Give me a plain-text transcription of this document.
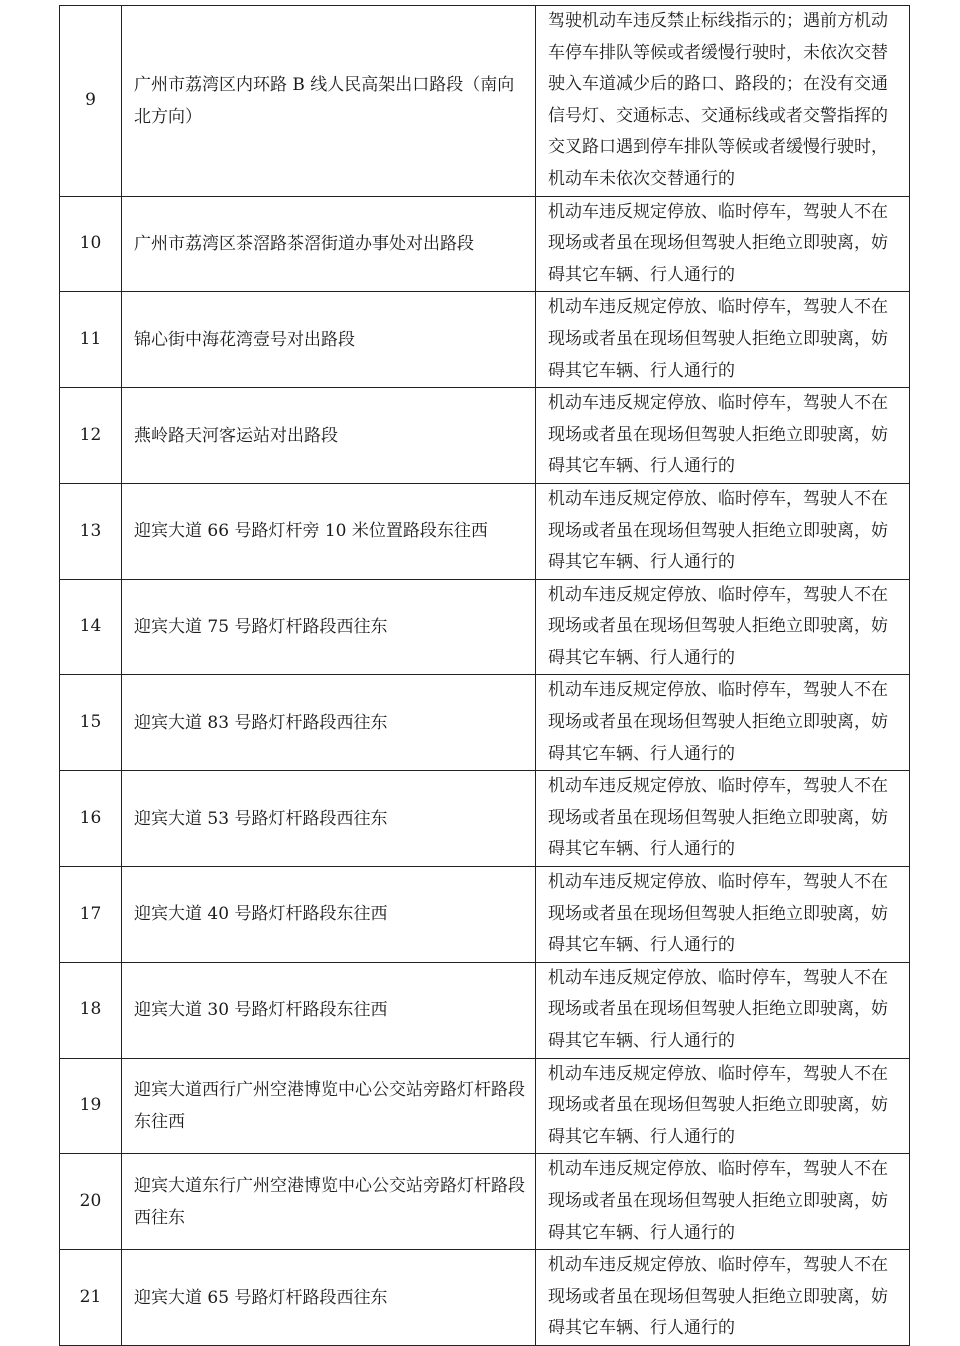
9	广州市荔湾区内环路 B 线人民高架出口路段（南向北方向）	驾驶机动车违反禁止标线指示的；遇前方机动车停车排队等候或者缓慢行驶时，未依次交替驶入车道减少后的路口、路段的；在没有交通信号灯、交通标志、交通标线或者交警指挥的交叉路口遇到停车排队等候或者缓慢行驶时，机动车未依次交替通行的
10	广州市荔湾区茶滘路茶滘街道办事处对出路段	机动车违反规定停放、临时停车，驾驶人不在现场或者虽在现场但驾驶人拒绝立即驶离，妨碍其它车辆、行人通行的
11	锦心街中海花湾壹号对出路段	机动车违反规定停放、临时停车，驾驶人不在现场或者虽在现场但驾驶人拒绝立即驶离，妨碍其它车辆、行人通行的
12	燕岭路天河客运站对出路段	机动车违反规定停放、临时停车，驾驶人不在现场或者虽在现场但驾驶人拒绝立即驶离，妨碍其它车辆、行人通行的
13	迎宾大道 66 号路灯杆旁 10 米位置路段东往西	机动车违反规定停放、临时停车，驾驶人不在现场或者虽在现场但驾驶人拒绝立即驶离，妨碍其它车辆、行人通行的
14	迎宾大道 75 号路灯杆路段西往东	机动车违反规定停放、临时停车，驾驶人不在现场或者虽在现场但驾驶人拒绝立即驶离，妨碍其它车辆、行人通行的
15	迎宾大道 83 号路灯杆路段西往东	机动车违反规定停放、临时停车，驾驶人不在现场或者虽在现场但驾驶人拒绝立即驶离，妨碍其它车辆、行人通行的
16	迎宾大道 53 号路灯杆路段西往东	机动车违反规定停放、临时停车，驾驶人不在现场或者虽在现场但驾驶人拒绝立即驶离，妨碍其它车辆、行人通行的
17	迎宾大道 40 号路灯杆路段东往西	机动车违反规定停放、临时停车，驾驶人不在现场或者虽在现场但驾驶人拒绝立即驶离，妨碍其它车辆、行人通行的
18	迎宾大道 30 号路灯杆路段东往西	机动车违反规定停放、临时停车，驾驶人不在现场或者虽在现场但驾驶人拒绝立即驶离，妨碍其它车辆、行人通行的
19	迎宾大道西行广州空港博览中心公交站旁路灯杆路段东往西	机动车违反规定停放、临时停车，驾驶人不在现场或者虽在现场但驾驶人拒绝立即驶离，妨碍其它车辆、行人通行的
20	迎宾大道东行广州空港博览中心公交站旁路灯杆路段西往东	机动车违反规定停放、临时停车，驾驶人不在现场或者虽在现场但驾驶人拒绝立即驶离，妨碍其它车辆、行人通行的
21	迎宾大道 65 号路灯杆路段西往东	机动车违反规定停放、临时停车，驾驶人不在现场或者虽在现场但驾驶人拒绝立即驶离，妨碍其它车辆、行人通行的
